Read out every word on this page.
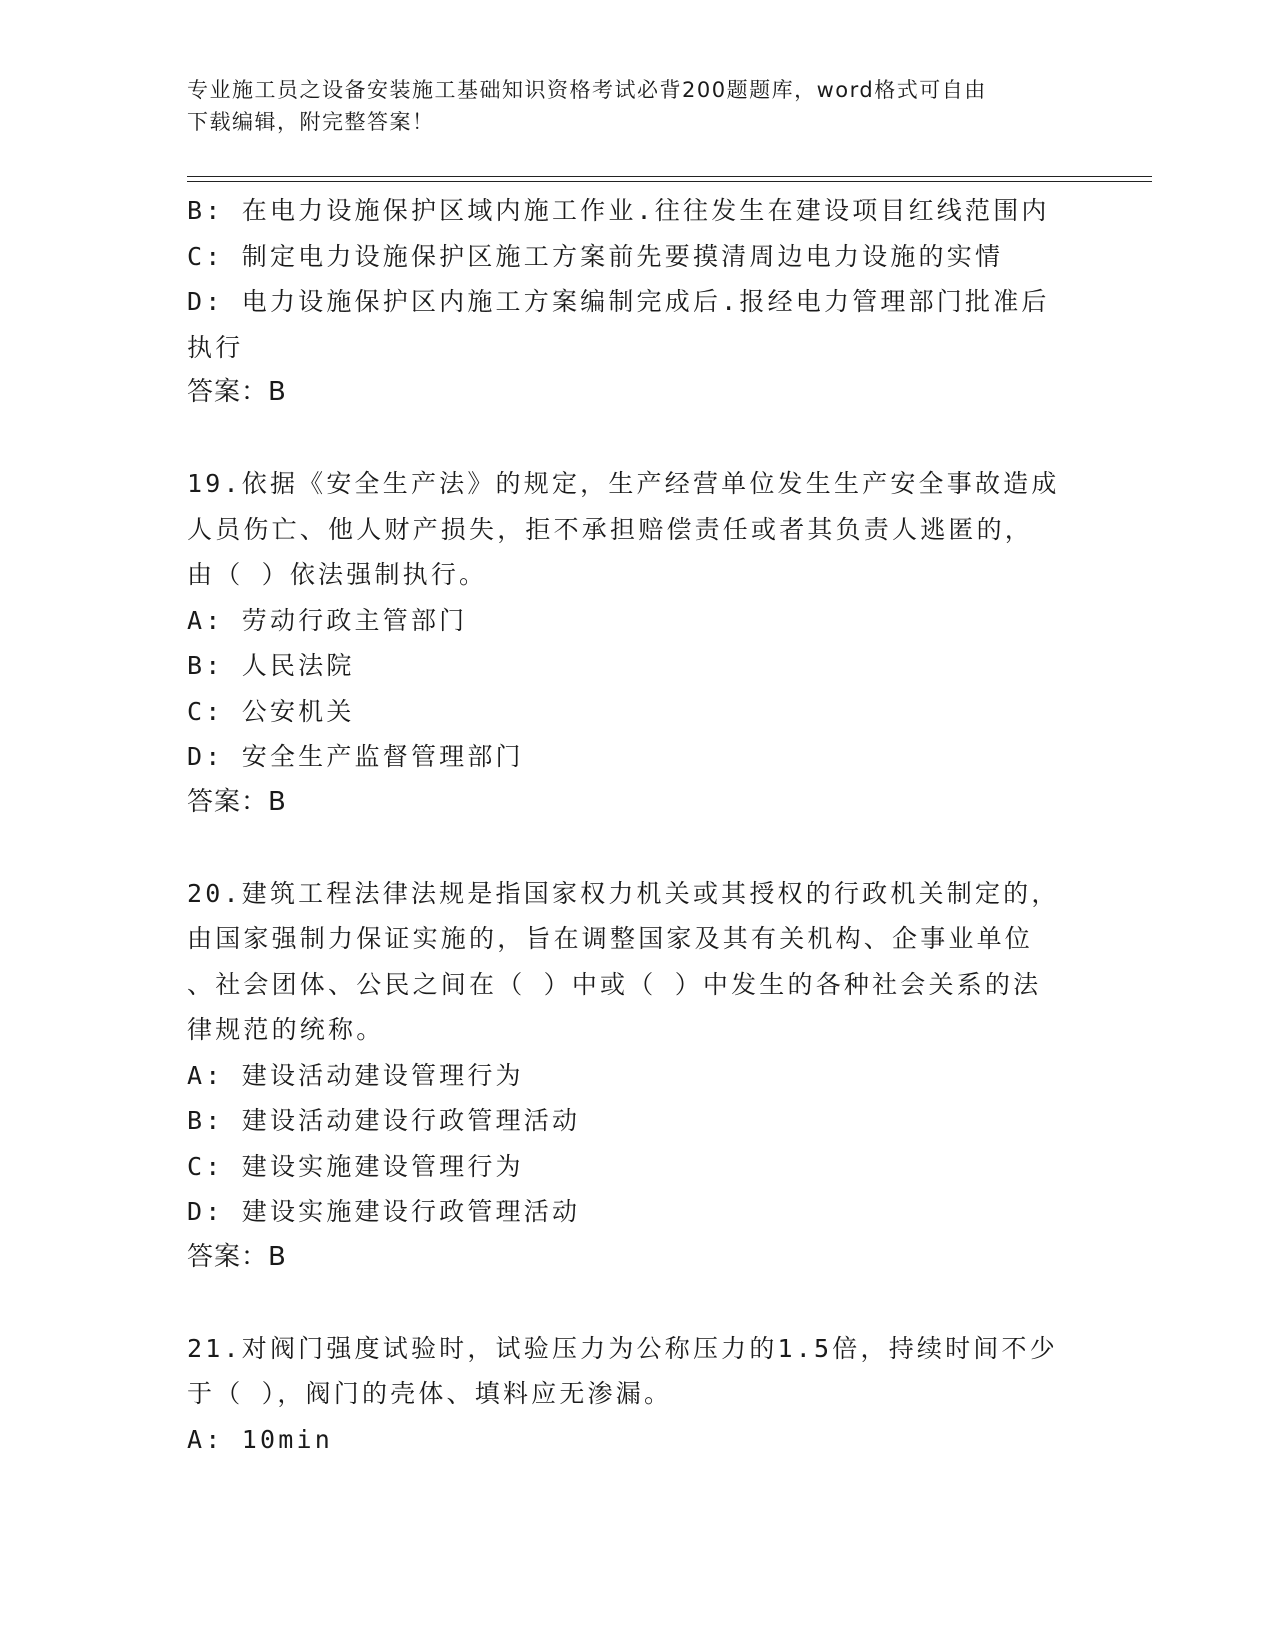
专业施工员之设备安装施工基础知识资格考试必背200题题库，word格式可自由
下载编辑，附完整答案！
B: 在电力设施保护区域内施工作业.往往发生在建设项目红线范围内
C: 制定电力设施保护区施工方案前先要摸清周边电力设施的实情
D: 电力设施保护区内施工方案编制完成后.报经电力管理部门批准后
执行
答案：B
19.依据《安全生产法》的规定，生产经营单位发生生产安全事故造成
人员伤亡、他人财产损失，拒不承担赔偿责任或者其负责人逃匿的，
由（ ）依法强制执行。
A: 劳动行政主管部门
B: 人民法院
C: 公安机关
D: 安全生产监督管理部门
答案：B
20.建筑工程法律法规是指国家权力机关或其授权的行政机关制定的，
由国家强制力保证实施的，旨在调整国家及其有关机构、企事业单位
、社会团体、公民之间在（ ）中或（ ）中发生的各种社会关系的法
律规范的统称。
A: 建设活动建设管理行为
B: 建设活动建设行政管理活动
C: 建设实施建设管理行为
D: 建设实施建设行政管理活动
答案：B
21.对阀门强度试验时，试验压力为公称压力的1.5倍，持续时间不少
于（ ），阀门的壳体、填料应无渗漏。
A: 10min
